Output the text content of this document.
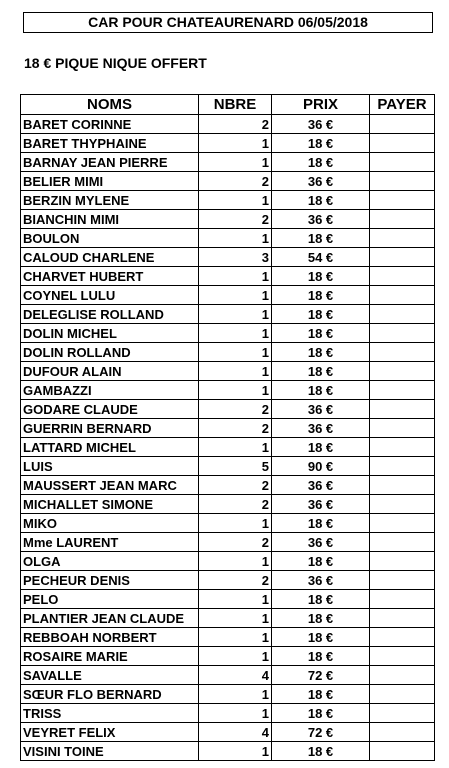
CAR POUR CHATEAURENARD 06/05/2018
18 € PIQUE NIQUE OFFERT
NOMS	NBRE	PRIX	PAYER
BARET CORINNE	2	36 €	
BARET THYPHAINE	1	18 €	
BARNAY JEAN PIERRE	1	18 €	
BELIER MIMI	2	36 €	
BERZIN MYLENE	1	18 €	
BIANCHIN MIMI	2	36 €	
BOULON	1	18 €	
CALOUD CHARLENE	3	54 €	
CHARVET HUBERT	1	18 €	
COYNEL LULU	1	18 €	
DELEGLISE ROLLAND	1	18 €	
DOLIN MICHEL	1	18 €	
DOLIN ROLLAND	1	18 €	
DUFOUR ALAIN	1	18 €	
GAMBAZZI	1	18 €	
GODARE CLAUDE	2	36 €	
GUERRIN BERNARD	2	36 €	
LATTARD MICHEL	1	18 €	
LUIS	5	90 €	
MAUSSERT JEAN MARC	2	36 €	
MICHALLET SIMONE	2	36 €	
MIKO	1	18 €	
Mme LAURENT	2	36 €	
OLGA	1	18 €	
PECHEUR DENIS	2	36 €	
PELO	1	18 €	
PLANTIER JEAN CLAUDE	1	18 €	
REBBOAH NORBERT	1	18 €	
ROSAIRE MARIE	1	18 €	
SAVALLE	4	72 €	
SŒUR FLO BERNARD	1	18 €	
TRISS	1	18 €	
VEYRET FELIX	4	72 €	
VISINI TOINE	1	18 €	
